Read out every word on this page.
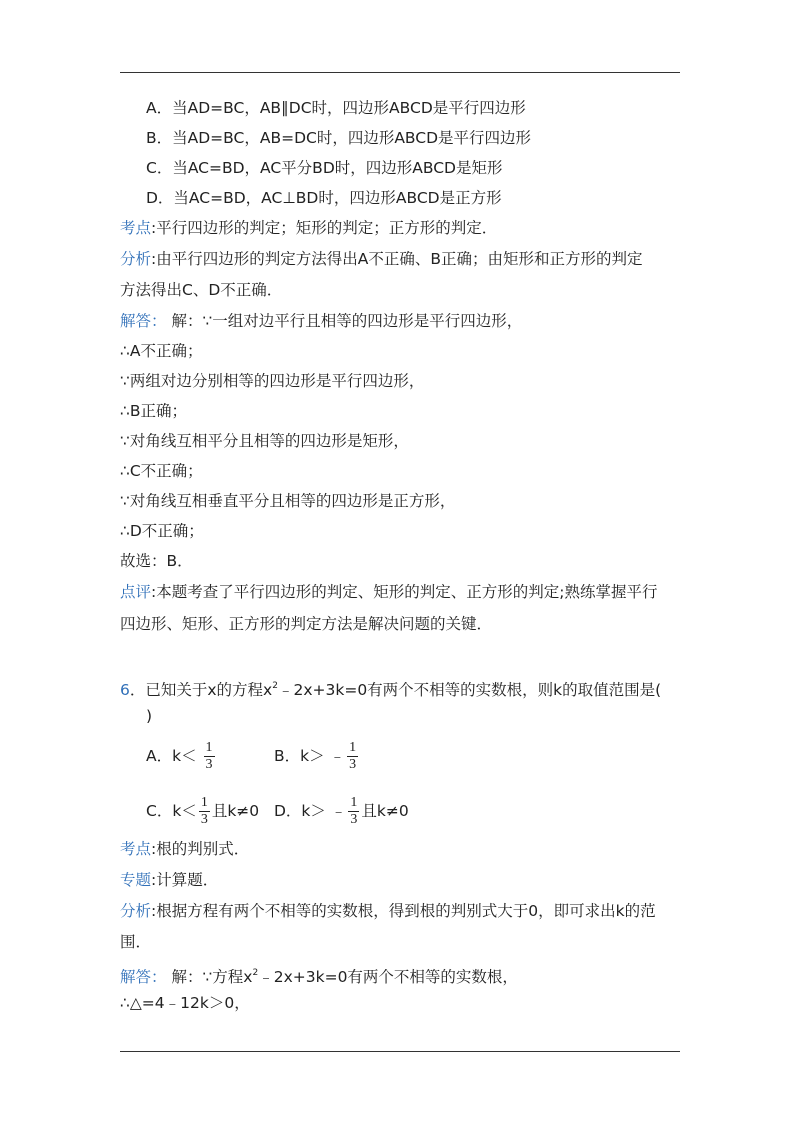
A．当AD=BC，AB∥DC时，四边形ABCD是平行四边形
B．当AD=BC，AB=DC时，四边形ABCD是平行四边形
C．当AC=BD，AC平分BD时，四边形ABCD是矩形
D．当AC=BD，AC⊥BD时，四边形ABCD是正方形
考点:平行四边形的判定；矩形的判定；正方形的判定．
分析:由平行四边形的判定方法得出A不正确、B正确；由矩形和正方形的判定
方法得出C、D不正确．
解答： 解：∵一组对边平行且相等的四边形是平行四边形，
∴A不正确；
∵两组对边分别相等的四边形是平行四边形，
∴B正确；
∵对角线互相平分且相等的四边形是矩形，
∴C不正确；
∵对角线互相垂直平分且相等的四边形是正方形，
∴D不正确；
故选：B．
点评:本题考查了平行四边形的判定、矩形的判定、正方形的判定;熟练掌握平行
四边形、矩形、正方形的判定方法是解决问题的关键．
6．已知关于x的方程$x^2﹣2x+3k=0$有两个不相等的实数根，则k的取值范围是(
)
A．$k< \frac{1}{3}$	B．k＞ ﹣ $\frac{1}{3}$
C．$k< \frac{1}{3}$ 且k≠0 D．k＞ ﹣ $\frac{1}{3}$ 且k≠0
考点:根的判别式．
专题:计算题．
分析:根据方程有两个不相等的实数根，得到根的判别式大于0，即可求出k的范
围．
解答： 解：∵方程$x^2﹣2x+3k=0$有两个不相等的实数根，
∴△=4﹣12k＞0，
